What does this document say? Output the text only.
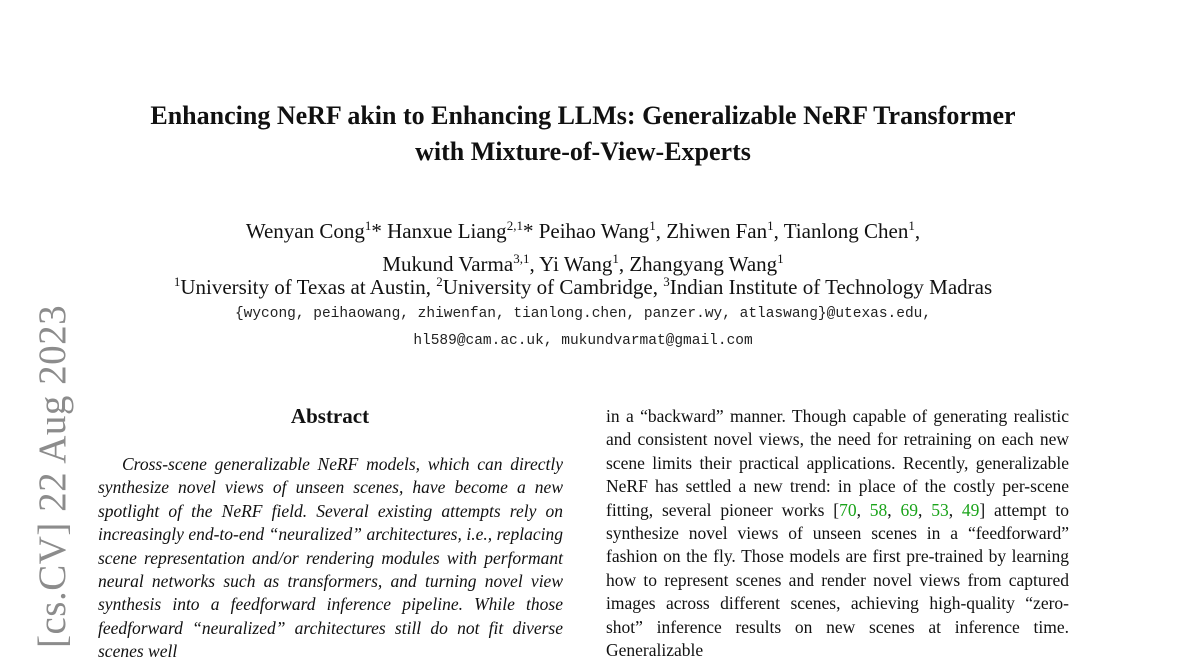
[cs.CV] 22 Aug 2023
Enhancing NeRF akin to Enhancing LLMs: Generalizable NeRF Transformer
with Mixture-of-View-Experts
Wenyan Cong$^1$* Hanxue Liang$^{2,1}$* Peihao Wang$^1$, Zhiwen Fan$^1$, Tianlong Chen$^1$,
Mukund Varma$^{3,1}$, Yi Wang$^1$, Zhangyang Wang$^1$
$^1$University of Texas at Austin, $^2$University of Cambridge, $^3$Indian Institute of Technology Madras
{wycong, peihaowang, zhiwenfan, tianlong.chen, panzer.wy, atlaswang}@utexas.edu,
hl589@cam.ac.uk, mukundvarmat@gmail.com
Abstract
Cross-scene generalizable NeRF models, which can directly synthesize novel views of unseen scenes, have become a new spotlight of the NeRF field. Several existing attempts rely on increasingly end-to-end “neuralized” architectures, i.e., replacing scene representation and/or rendering modules with performant neural networks such as transformers, and turning novel view synthesis into a feedforward inference pipeline. While those feedforward “neuralized” architectures still do not fit diverse scenes well
in a “backward” manner. Though capable of generating realistic and consistent novel views, the need for retraining on each new scene limits their practical applications. Recently, generalizable NeRF has settled a new trend: in place of the costly per-scene fitting, several pioneer works [70, 58, 69, 53, 49] attempt to synthesize novel views of unseen scenes in a “feedforward” fashion on the fly. Those models are first pre-trained by learning how to represent scenes and render novel views from captured images across different scenes, achieving high-quality “zero-shot” inference results on new scenes at inference time. Generalizable
